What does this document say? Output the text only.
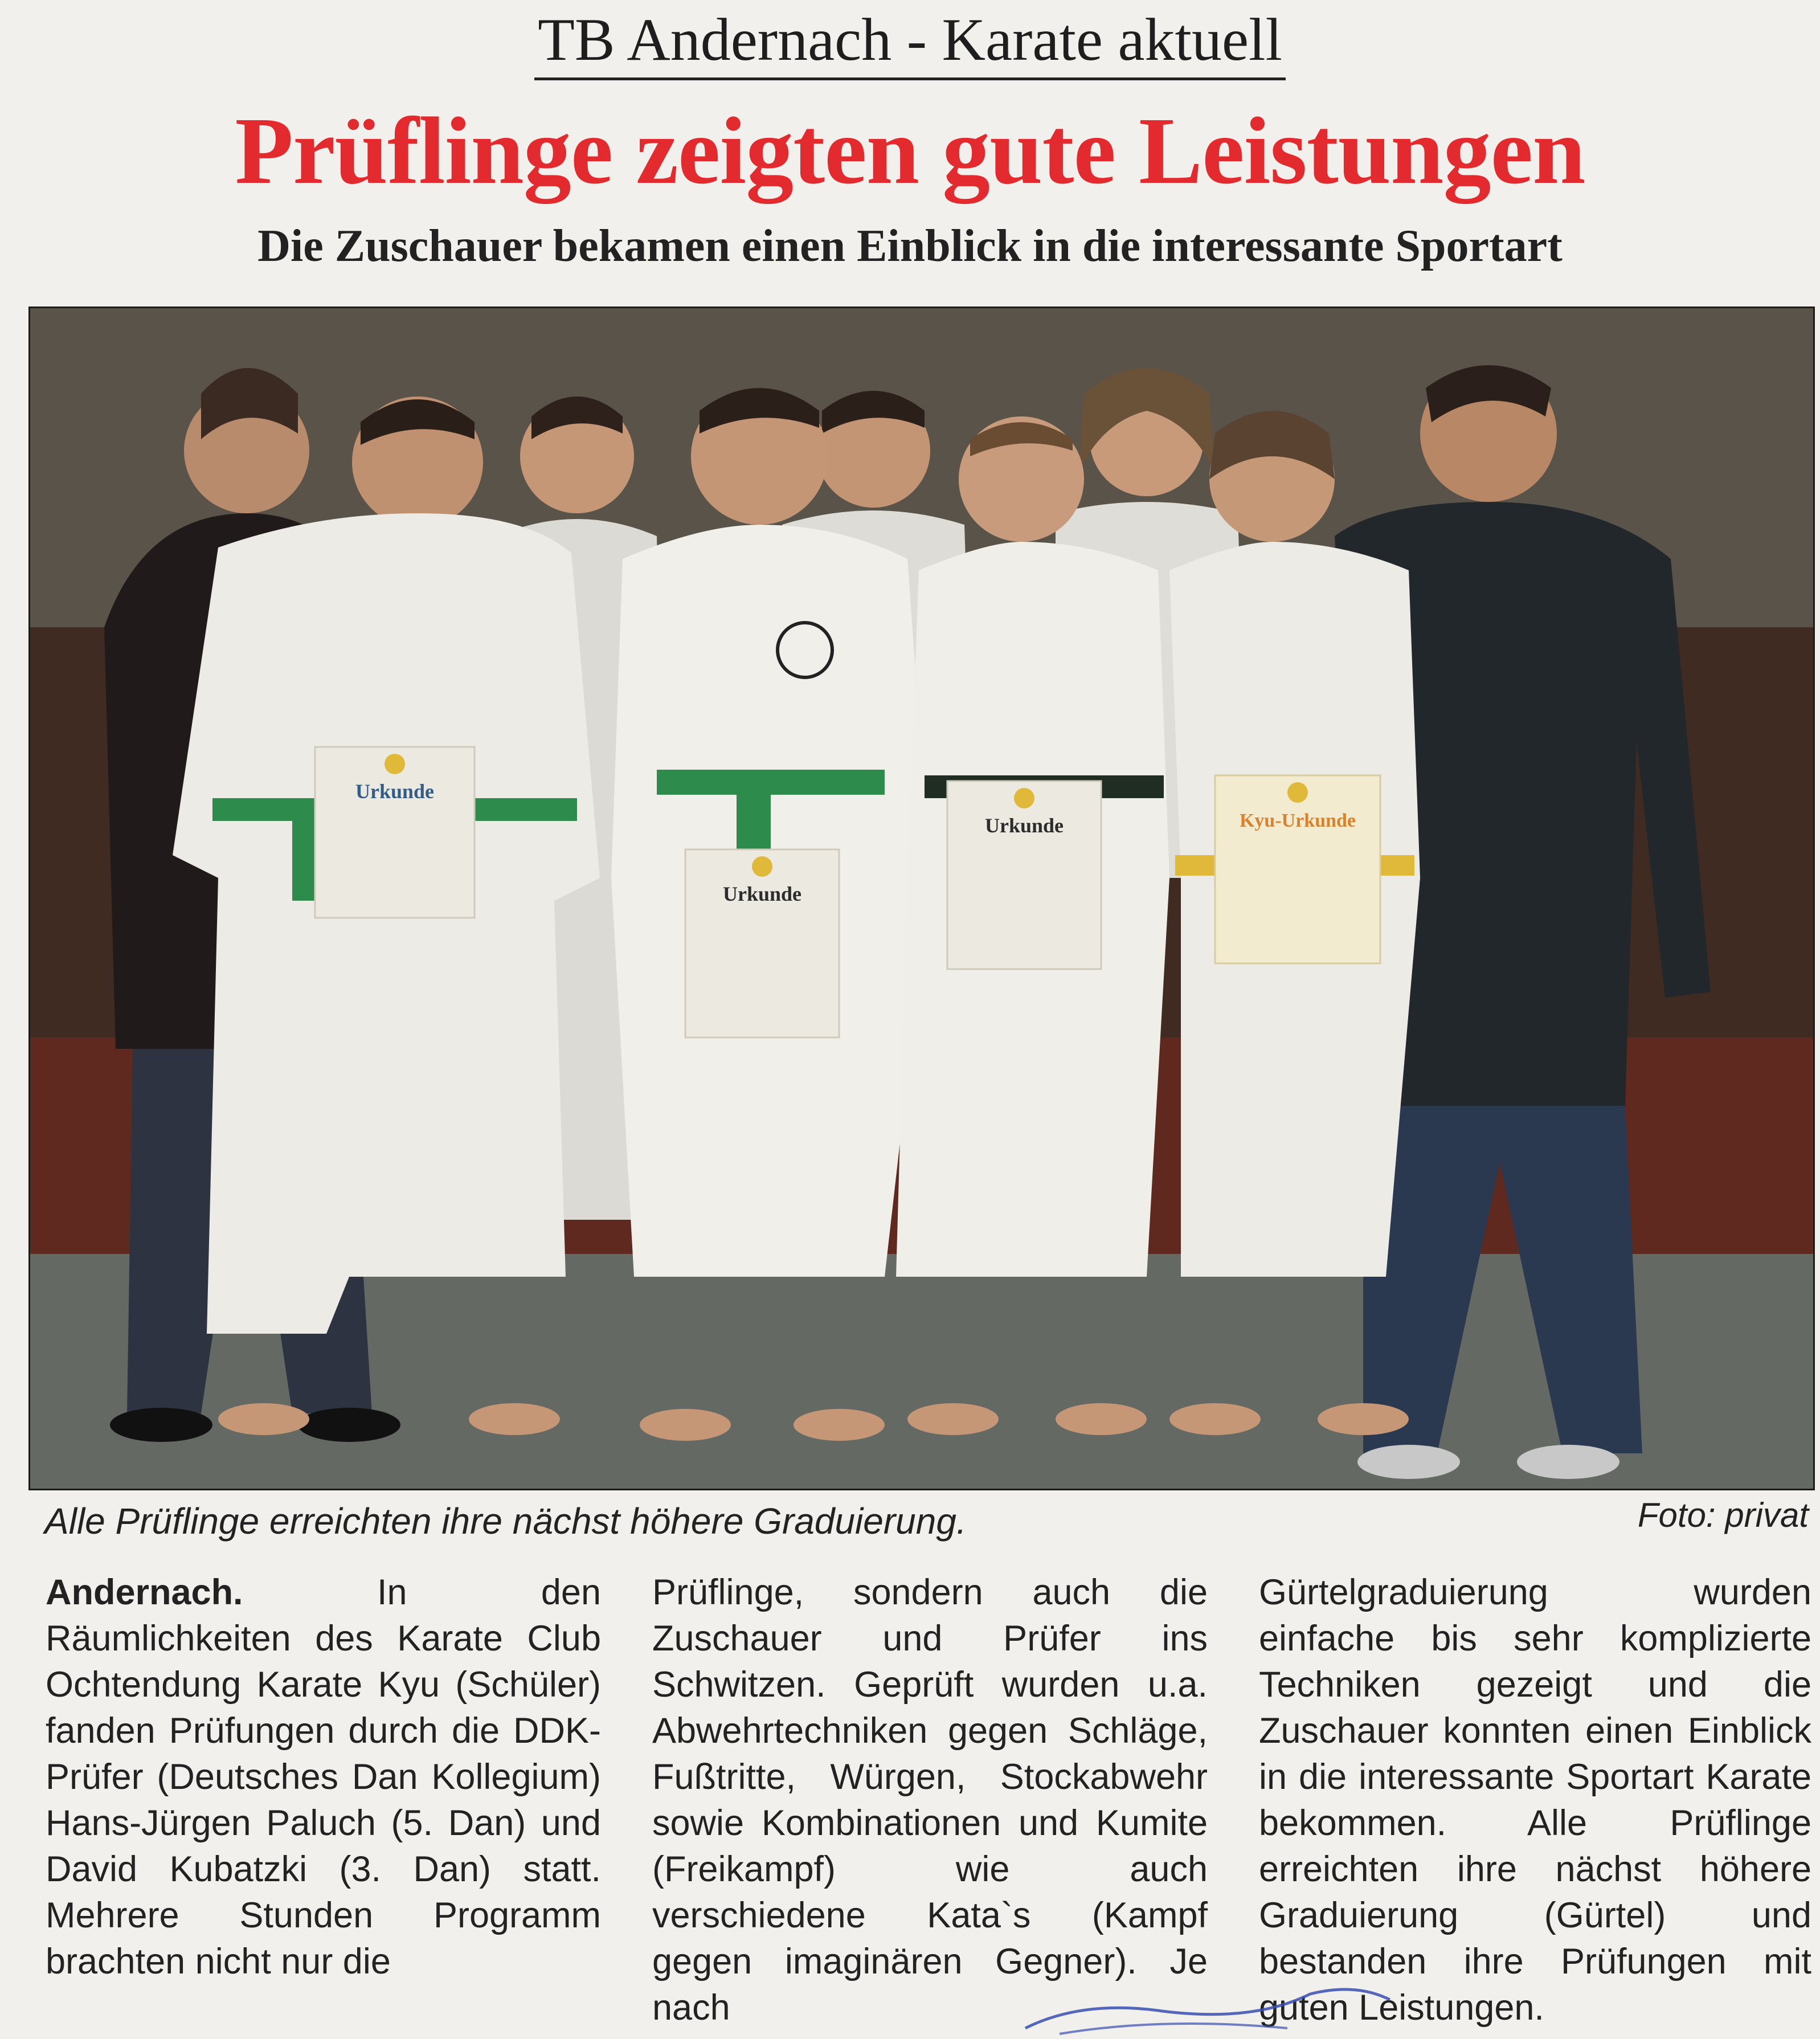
TB Andernach - Karate aktuell
Prüflinge zeigten gute Leistungen
Die Zuschauer bekamen einen Einblick in die interessante Sportart
Urkunde
Urkunde
Urkunde	Kyu-Urkunde
Alle Prüflinge erreichten ihre nächst höhere Graduierung.	Foto: privat

Andernach. In den Räumlichkeiten des Karate Club Ochtendung Karate Kyu (Schüler) fanden Prüfungen durch die DDK-Prüfer (Deutsches Dan Kollegium) Hans-Jürgen Paluch (5. Dan) und David Kubatzki (3. Dan) statt. Mehrere Stunden Programm brachten nicht nur die

Prüflinge, sondern auch die Zuschauer und Prüfer ins Schwitzen. Geprüft wurden u.a. Abwehrtechniken gegen Schläge, Fußtritte, Würgen, Stockabwehr sowie Kombinationen und Kumite (Freikampf) wie auch verschiedene Kata`s (Kampf gegen imaginären Gegner). Je nach

Gürtelgraduierung wurden einfache bis sehr komplizierte Techniken gezeigt und die Zuschauer konnten einen Einblick in die interessante Sportart Karate bekommen. Alle Prüflinge erreichten ihre nächst höhere Graduierung (Gürtel) und bestanden ihre Prüfungen mit guten Leistungen.
